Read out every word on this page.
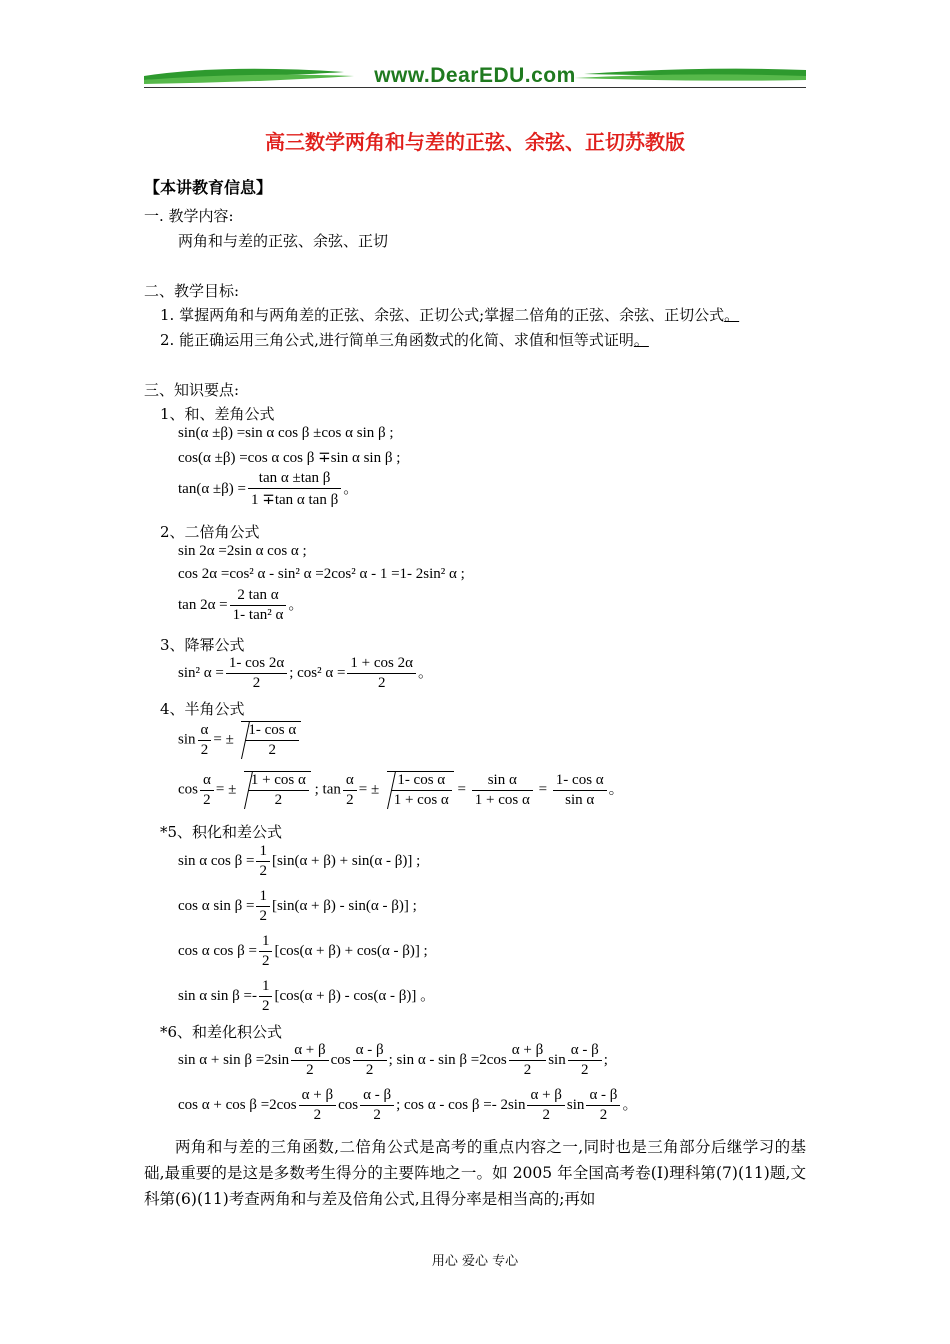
www.DearEDU.com
高三数学两角和与差的正弦、余弦、正切苏教版
【本讲教育信息】
一. 教学内容:
两角和与差的正弦、余弦、正切
二、教学目标:
1. 掌握两角和与两角差的正弦、余弦、正切公式;掌握二倍角的正弦、余弦、正切公式。
2. 能正确运用三角公式,进行简单三角函数式的化简、求值和恒等式证明。
三、知识要点:
1、和、差角公式
sin(α ±β) =sin α cos β ±cos α sin β ;
cos(α ±β) =cos α cos β ∓sin α sin β ;
$\tan(\alpha \pm\beta) = \frac{\text{tan α ±tan β}}{\text{1 ∓tan α tan β}}$ 。
2、二倍角公式
sin 2α =2sin α cos α ;
cos 2α =cos² α - sin² α =2cos² α - 1 =1- 2sin² α ;
$\tan 2\alpha = \frac{\text{2 tan α}}{\text{1- tan² α}}$ 。
3、降幂公式
sin² $\alpha = \frac{1- \cos 2\alpha}{2}$ ; cos² $\alpha = \frac{1 + \cos 2\alpha}{2}$ 。
4、半角公式
$\sin \frac{\alpha}{2}$ = ± $\frac{\text{1- cos α}}{2}$
$\cos \frac{\alpha}{2}$ = ± $\frac{\text{1 + cos α}}{2}$ ; $\tan \frac{\alpha}{2}$ = ± $\frac{\text{1- cos α}}{\text{1 + cos α}} = \frac{\text{sin α}}{\text{1 + cos α}} = \frac{\text{1- cos α}}{\text{sin α}}$ 。
*5、积化和差公式
sin α $\cos \beta = \frac{1}{2} [\sin(\alpha + \beta) + \sin(\alpha - \beta)]$ ;
cos α $\sin \beta = \frac{1}{2} [\sin(\alpha + \beta) - \sin(\alpha - \beta)]$ ;
cos α $\cos \beta = \frac{1}{2} [\cos(\alpha + \beta) + \cos(\alpha - \beta)]$ ;
sin α $\sin \beta =- \frac{1}{2} [\cos(\alpha + \beta) - \cos(\alpha - \beta)]$ 。
*6、和差化积公式
$\sin \alpha + \sin \beta =2\sin \frac{\alpha + \beta}{2}$ $\cos \frac{\alpha - \beta}{2}$ ; $\sin \alpha - \sin \beta =2\cos \frac{\alpha + \beta}{2}$ $\sin \frac{\alpha - \beta}{2}$ ;
$\cos \alpha + \cos \beta =2\cos \frac{\alpha + \beta}{2}$ $\cos \frac{\alpha - \beta}{2}$ ; $\cos \alpha - \cos \beta =- 2\sin \frac{\alpha + \beta}{2}$ $\sin \frac{\alpha - \beta}{2}$ 。
两角和与差的三角函数,二倍角公式是高考的重点内容之一,同时也是三角部分后继学习的基础,最重要的是这是多数考生得分的主要阵地之一。如 2005 年全国高考卷(Ⅰ)理科第(7)(11)题,文科第(6)(11)考查两角和与差及倍角公式,且得分率是相当高的;再如
用心 爱心 专心
